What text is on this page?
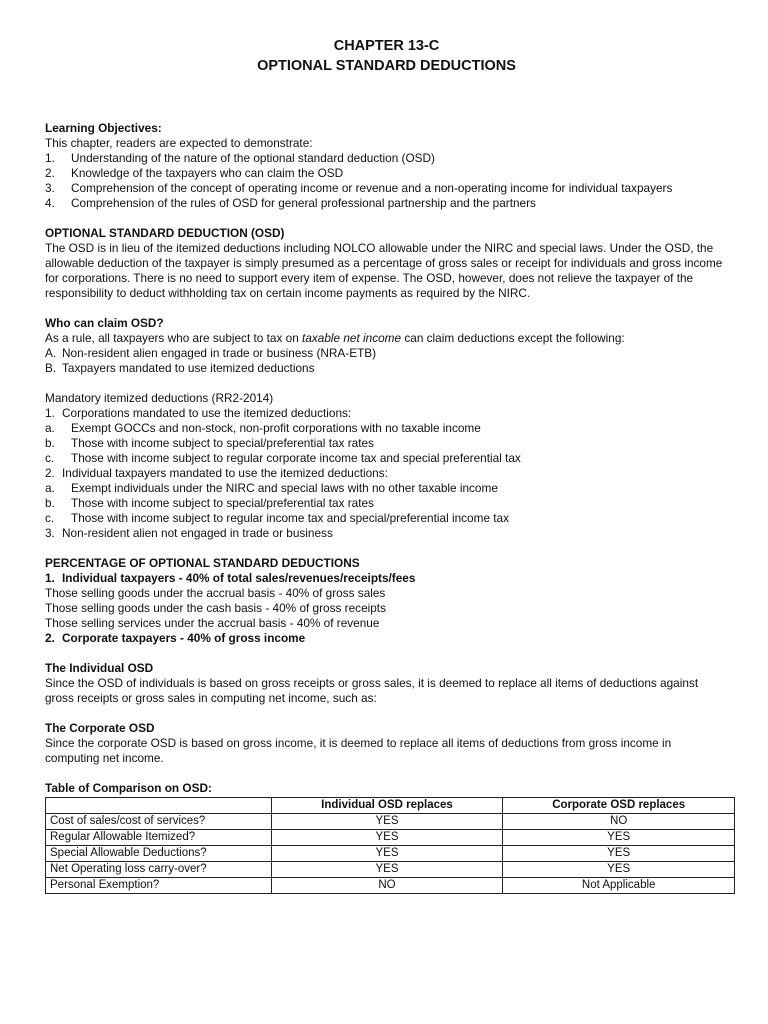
CHAPTER 13-C
OPTIONAL STANDARD DEDUCTIONS

Learning Objectives:

This chapter, readers are expected to demonstrate:

1.	Understanding of the nature of the optional standard deduction (OSD)
2.	Knowledge of the taxpayers who can claim the OSD
3.	Comprehension of the concept of operating income or revenue and a non-operating income for individual taxpayers
4.	Comprehension of the rules of OSD for general professional partnership and the partners

OPTIONAL STANDARD DEDUCTION (OSD)

The OSD is in lieu of the itemized deductions including NOLCO allowable under the NIRC and special laws. Under the OSD, the allowable deduction of the taxpayer is simply presumed as a percentage of gross sales or receipt for individuals and gross income for corporations. There is no need to support every item of expense. The OSD, however, does not relieve the taxpayer of the responsibility to deduct withholding tax on certain income payments as required by the NIRC.

Who can claim OSD?

As a rule, all taxpayers who are subject to tax on taxable net income can claim deductions except the following:

A. Non-resident alien engaged in trade or business (NRA-ETB)
B. Taxpayers mandated to use itemized deductions

Mandatory itemized deductions (RR2-2014)

1. Corporations mandated to use the itemized deductions:
a.	Exempt GOCCs and non-stock, non-profit corporations with no taxable income
b.	Those with income subject to special/preferential tax rates
c.	Those with income subject to regular corporate income tax and special preferential tax
2. Individual taxpayers mandated to use the itemized deductions:
a.	Exempt individuals under the NIRC and special laws with no other taxable income
b.	Those with income subject to special/preferential tax rates
c.	Those with income subject to regular income tax and special/preferential income tax
3. Non-resident alien not engaged in trade or business

PERCENTAGE OF OPTIONAL STANDARD DEDUCTIONS

1. Individual taxpayers - 40% of total sales/revenues/receipts/fees

Those selling goods under the accrual basis - 40% of gross sales

Those selling goods under the cash basis - 40% of gross receipts

Those selling services under the accrual basis - 40% of revenue

2. Corporate taxpayers - 40% of gross income

The Individual OSD

Since the OSD of individuals is based on gross receipts or gross sales, it is deemed to replace all items of deductions against gross receipts or gross sales in computing net income, such as:

The Corporate OSD

Since the corporate OSD is based on gross income, it is deemed to replace all items of deductions from gross income in computing net income.

Table of Comparison on OSD:

	Individual OSD replaces	Corporate OSD replaces
Cost of sales/cost of services?	YES	NO
Regular Allowable Itemized?	YES	YES
Special Allowable Deductions?	YES	YES
Net Operating loss carry-over?	YES	YES
Personal Exemption?	NO	Not Applicable
